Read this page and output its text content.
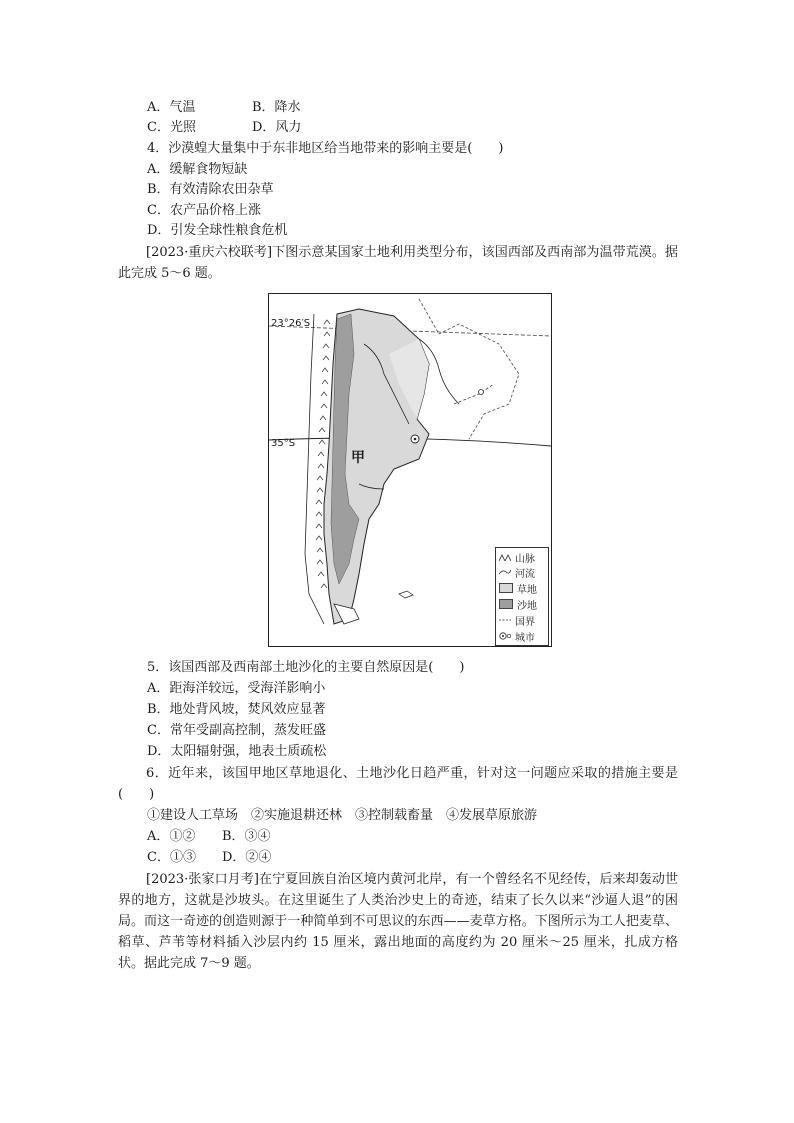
A．气温	B．降水
C．光照	D．风力
4．沙漠蝗大量集中于东非地区给当地带来的影响主要是(　　)
A．缓解食物短缺
B．有效清除农田杂草
C．农产品价格上涨
D．引发全球性粮食危机
[2023·重庆六校联考]下图示意某国家土地利用类型分布，该国西部及西南部为温带荒漠。据此完成 5～6 题。
23°26′S
35°S
甲
山脉
河流
草地
沙地
国界
城市
5．该国西部及西南部土地沙化的主要自然原因是(　　)
A．距海洋较远，受海洋影响小
B．地处背风坡，焚风效应显著
C．常年受副高控制，蒸发旺盛
D．太阳辐射强，地表土质疏松
6．近年来，该国甲地区草地退化、土地沙化日趋严重，针对这一问题应采取的措施主要是(　　)
①建设人工草场　②实施退耕还林　③控制载畜量　④发展草原旅游
A．①② B．③④
C．①③ D．②④
[2023·张家口月考]在宁夏回族自治区境内黄河北岸，有一个曾经名不见经传，后来却轰动世界的地方，这就是沙坡头。在这里诞生了人类治沙史上的奇迹，结束了长久以来“沙逼人退”的困局。而这一奇迹的创造则源于一种简单到不可思议的东西——麦草方格。下图所示为工人把麦草、稻草、芦苇等材料插入沙层内约 15 厘米，露出地面的高度约为 20 厘米～25 厘米，扎成方格状。据此完成 7～9 题。
